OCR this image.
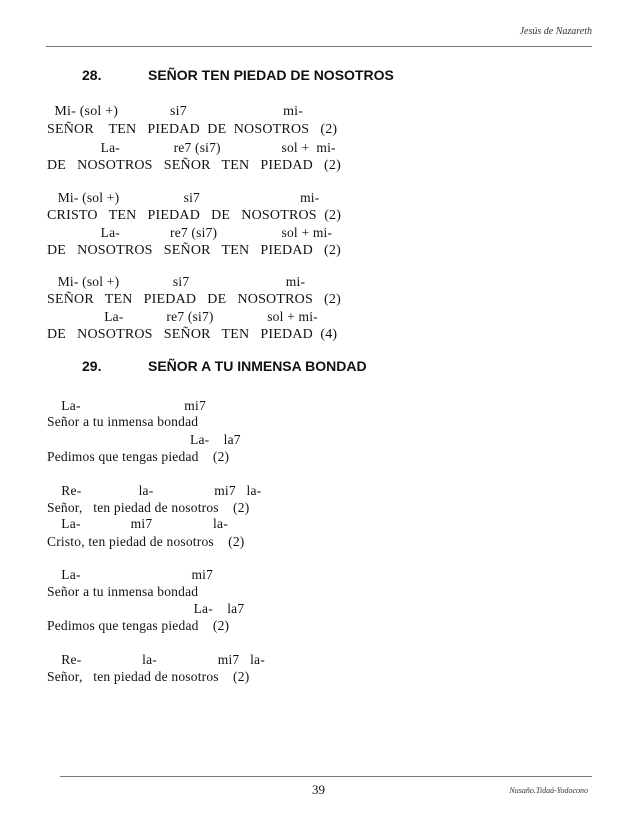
Jesús de Nazareth
28.	SEÑOR TEN PIEDAD DE NOSOTROS
Mi- (sol +)              si7                          mi-
SEÑOR    TEN   PIEDAD  DE  NOSOTROS   (2)
La-               re7 (si7)                 sol +  mi-
DE   NOSOTROS   SEÑOR   TEN   PIEDAD   (2)
Mi- (sol +)                  si7                            mi-
CRISTO   TEN   PIEDAD   DE   NOSOTROS  (2)
La-              re7 (si7)                  sol + mi-
DE   NOSOTROS   SEÑOR   TEN   PIEDAD   (2)
Mi- (sol +)               si7                           mi-
SEÑOR   TEN   PIEDAD   DE   NOSOTROS   (2)
La-            re7 (si7)               sol + mi-
DE   NOSOTROS   SEÑOR   TEN   PIEDAD  (4)
29.	SEÑOR A TU INMENSA BONDAD
La-                             mi7
Señor a tu inmensa bondad
La-    la7
Pedimos que tengas piedad    (2)
Re-                la-                 mi7   la-
Señor,   ten piedad de nosotros    (2)
La-              mi7                 la-
Cristo, ten piedad de nosotros    (2)
La-                               mi7
Señor a tu inmensa bondad
La-    la7
Pedimos que tengas piedad    (2)
Re-                 la-                 mi7   la-
Señor,   ten piedad de nosotros    (2)
39	Nusaño.Tidaá-Yodocono
